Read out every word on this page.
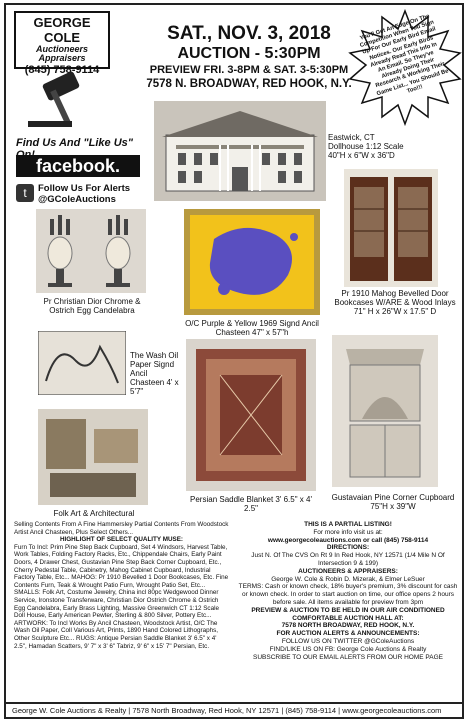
GEORGE COLE
Auctioneers
Appraisers
(845) 758-9114
SAT., NOV. 3, 2018
AUCTION - 5:30PM
PREVIEW FRI. 3-8PM & SAT. 3-5:30PM
7578 N. BROADWAY, RED HOOK, N.Y.
You'll Get An Edge On The Competition When You Sign Up For Our Early Bird Email Notices. Our Early Birds Already Read This Info In An Email. So They've Already Doing Their Research & Working Their Game List... You Should Be Too!!!
Find Us And "Like Us"
facebook.
t	Follow Us For Alerts @GColeAuctions
Eastwick, CT Dollhouse 1:12 Scale 40"H x 6"W x 36"D
Pr 1910 Mahog Bevelled Door Bookcases W/ARE & Wood Inlays 71" H x 26"W x 17.5" D
Pr Christian Dior Chrome & Ostrich Egg Candelabra
O/C Purple & Yellow 1969 Signd Ancil Chasteen 47" x 57"h
The Wash Oil Paper Signd Ancil Chasteen 4' x 5'7"
Folk Art & Architectural
Persian Saddle Blanket 3' 6.5" x 4' 2.5"
Gustavaian Pine Corner Cupboard 75"H x 39"W
Selling Contents From A Fine Hammersley Partial Contents From Woodstock Artist Ancil Chasteen, Plus Select Others...
HIGHLIGHT OF SELECT QUALITY MUSE:
Furn To Incl: Prim Pine Step Back Cupboard, Set 4 Windsors, Harvest Table, Work Tables, Folding Factory Racks, Etc., Chippendale Chairs, Early Paint Doors, 4 Drawer Chest, Gustavian Pine Step Back Corner Cupboard, Etc., Cherry Pedestal Table, Cabinetry, Mahog Cabinet Cupboard, Industrial Factory Table, Etc... MAHOG: Pr 1910 Bevelled 1 Door Bookcases, Etc. Fine Contents Furn, Teak & Wrought Patio Furn, Wrought Patio Set, Etc... SMALLS: Folk Art, Costume Jewelry, China incl 80pc Wedgewood Dinner Service, Ironstone Transferware, Christian Dior Ostrich Chrome & Ostrich Egg Candelabra, Early Brass Lighting, Massive Greenwich CT 1:12 Scale Doll House, Early American Pewter, Sterling & 800 Silver, Pottery Etc... ARTWORK: To Incl Works By Ancil Chasteen, Woodstock Artist, O/C The Wash Oil Paper, Coll Various Art, Prints, 1890 Hand Colored Lithographs, Other Sculpture Etc... RUGS: Antique Persian Saddle Blanket 3' 6.5" x 4' 2.5", Hamadan Scatters, 9' 7" x 3' 6" Tabriz, 9' 6" x 15' 7" Persian, Etc.
THIS IS A PARTIAL LISTING!
For more info visit us at:
www.georgecoleauctions.com or call (845) 758-9114
DIRECTIONS:
Just N. Of The CVS On Rt 9 In Red Hook, NY 12571 (1/4 Mile N Of Intersection 9 & 199)
AUCTIONEERS & APPRAISERS:
George W. Cole & Robin D. Mizerak, & Elmer LeSuer
TERMS: Cash or known check, 18% buyer's premium, 3% discount for cash or known check. In order to start auction on time, our office opens 2 hours before sale. All items available for preview from 3pm
PREVIEW & AUCTION TO BE HELD IN OUR AIR CONDITIONED COMFORTABLE AUCTION HALL AT:
7578 NORTH BROADWAY, RED HOOK, N.Y.
FOR AUCTION ALERTS & ANNOUNCEMENTS:
FOLLOW US ON TWITTER @GColeAuctions
FIND/LIKE US ON FB: George Cole Auctions & Realty
SUBSCRIBE TO OUR EMAIL ALERTS FROM OUR HOME PAGE
George W. Cole Auctions & Realty | 7578 North Broadway, Red Hook, NY 12571 | (845) 758-9114 | www.georgecoleauctions.com
